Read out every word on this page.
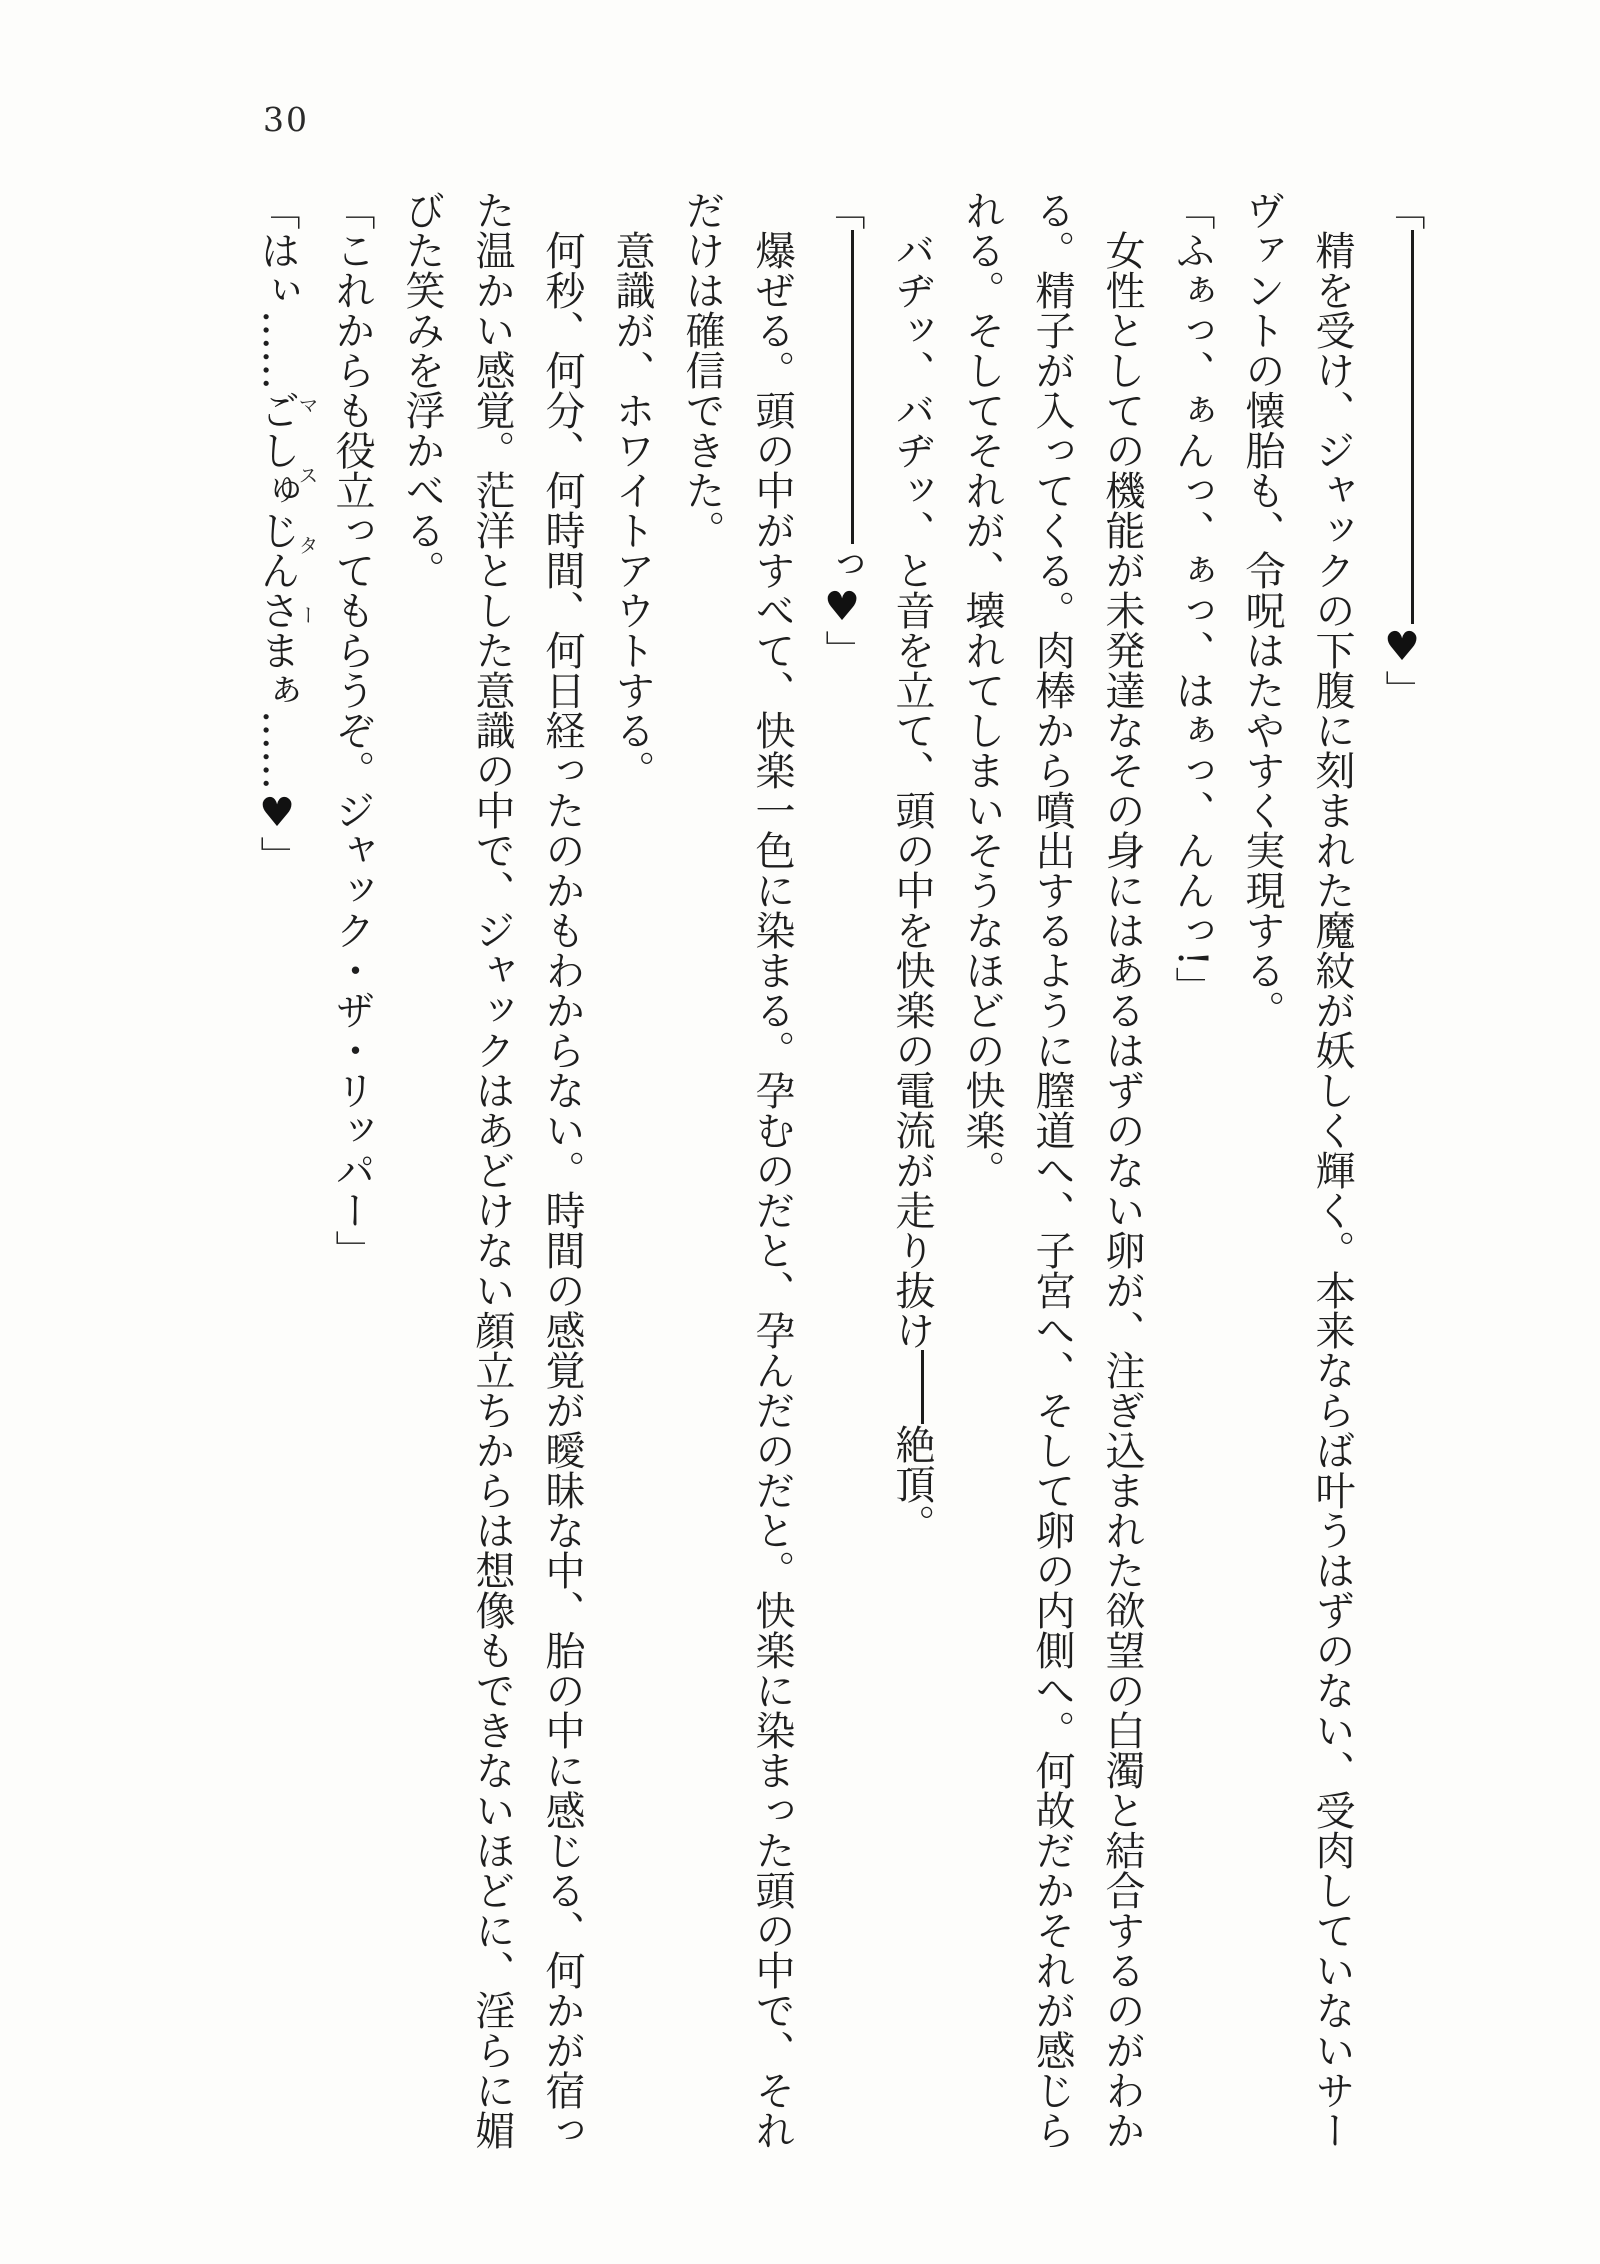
30
「♥」
精を受け、ジャックの下腹に刻まれた魔紋が妖しく輝く。本来ならば叶うはずのない、受肉していないサー
ヴァントの懐胎も、令呪はたやすく実現する。
「ふぁっ、ぁんっ、ぁっ、はぁっ、んんっ!」
女性としての機能が未発達なその身にはあるはずのない卵が、注ぎ込まれた欲望の白濁と結合するのがわか
る。精子が入ってくる。肉棒から噴出するように膣道へ、子宮へ、そして卵の内側へ。何故だかそれが感じら
れる。そしてそれが、壊れてしまいそうなほどの快楽。
バヂッ、バヂッ、と音を立て、頭の中を快楽の電流が走り抜け絶頂。
「っ♥」
爆ぜる。頭の中がすべて、快楽一色に染まる。孕むのだと、孕んだのだと。快楽に染まった頭の中で、それ
だけは確信できた。
意識が、ホワイトアウトする。
何秒、何分、何時間、何日経ったのかもわからない。時間の感覚が曖昧な中、胎の中に感じる、何かが宿っ
た温かい感覚。茫洋とした意識の中で、ジャックはあどけない顔立ちからは想像もできないほどに、淫らに媚
びた笑みを浮かべる。
「これからも役立ってもらうぞ。ジャック・ザ・リッパー」
「はぃ……ごしゅじんさまマスターぁ……♥」
